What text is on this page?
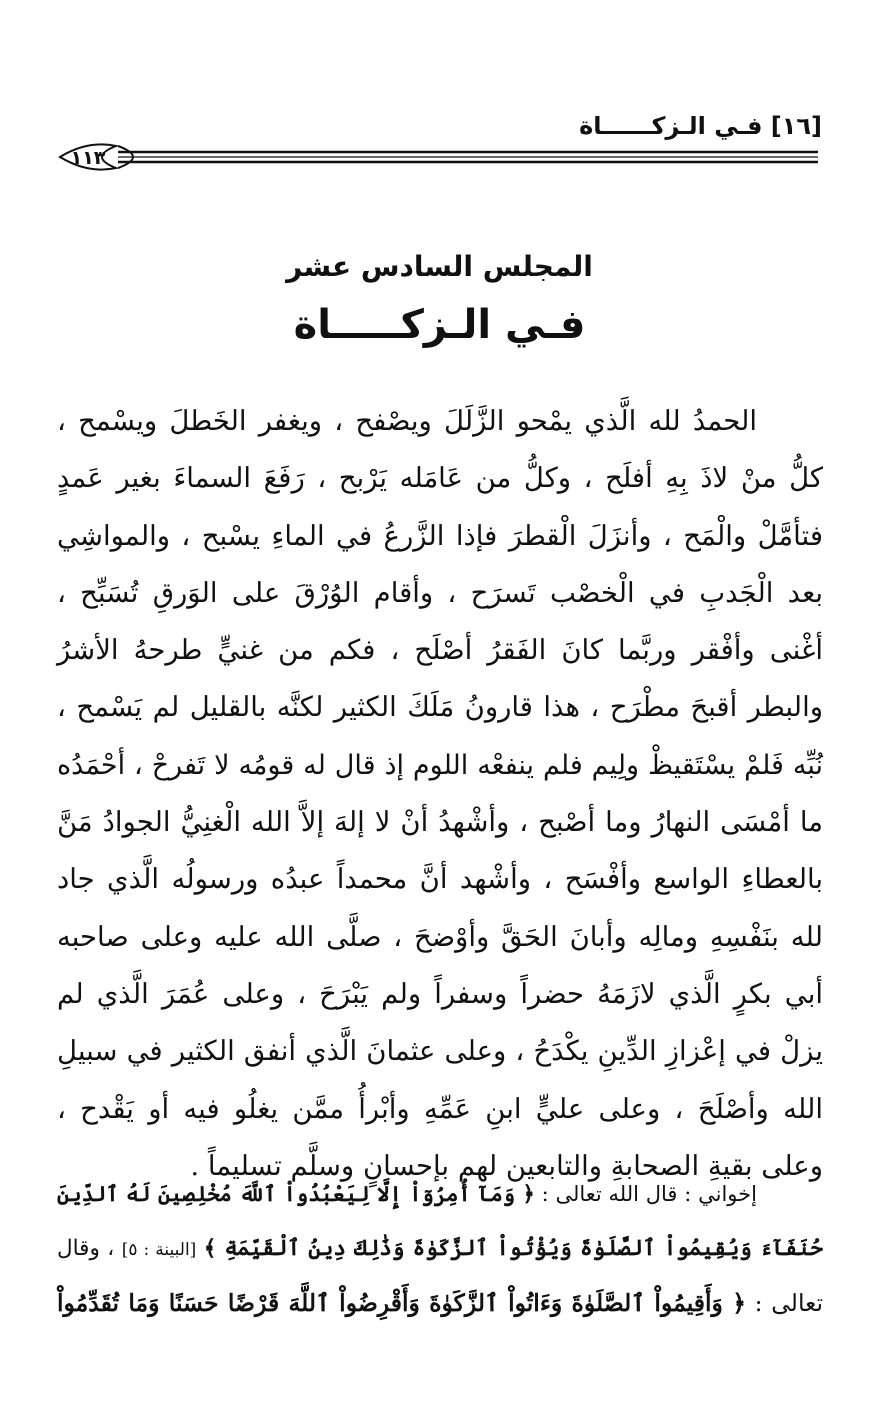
[١٦] فـي الـزكــــــاة
١١٣
المجلس السادس عشر
فـي الـزكـــــاة
الحمدُ لله الَّذي يمْحو الزَّلَلَ ويصْفح ، ويغفر الخَطلَ ويسْمح ،
كلُّ منْ لاذَ بِهِ أفلَح ، وكلُّ من عَامَله يَرْبح ، رَفَعَ السماءَ بغير عَمدٍ
فتأمَّلْ والْمَح ، وأنزَلَ الْقطرَ فإذا الزَّرعُ في الماءِ يسْبح ، والمواشِي
بعد الْجَدبِ في الْخصْب تَسرَح ، وأقام الوُرْقَ على الوَرقِ تُسَبِّح ،
أغْنى وأفْقر وربَّما كانَ الفَقرُ أصْلَح ، فكم من غنيٍّ طرحهُ الأشرُ
والبطر أقبحَ مطْرَح ، هذا قارونُ مَلَكَ الكثير لكنَّه بالقليل لم يَسْمح ،
نُبِّه فَلمْ يسْتَقيظْ ولِيم فلم ينفعْه اللوم إذ قال له قومُه لا تَفرحْ ، أحْمَدُه
ما أمْسَى النهارُ وما أصْبح ، وأشْهدُ أنْ لا إلهَ إلاَّ الله الْغنِيُّ الجوادُ مَنَّ
بالعطاءِ الواسع وأفْسَح ، وأشْهد أنَّ محمداً عبدُه ورسولُه الَّذي جاد
لله بنَفْسِهِ ومالِه وأبانَ الحَقَّ وأوْضحَ ، صلَّى الله عليه وعلى صاحبه
أبي بكرٍ الَّذي لازَمَهُ حضراً وسفراً ولم يَبْرَحَ ، وعلى عُمَرَ الَّذي لم
يزلْ في إعْزازِ الدِّينِ يكْدَحُ ، وعلى عثمانَ الَّذي أنفق الكثير في سبيلِ
الله وأصْلَحَ ، وعلى عليٍّ ابنِ عَمِّهِ وأبْرأُ ممَّن يغلُو فيه أو يَقْدح ،
وعلى بقيةِ الصحابةِ والتابعين لهم بإحسانٍ وسلَّم تسليماً .
إخواني : قال الله تعالى : ﴿ وَمَآ أُمِرُوٓاْ إِلَّا لِيَعْبُدُواْ ٱللَّهَ مُخْلِصِينَ لَهُ ٱلدِّينَ
حُنَفَآءَ وَيُقِيمُواْ ٱلصَّلَوٰةَ وَيُؤْتُواْ ٱلزَّكَوٰةَ وَذَٰلِكَ دِينُ ٱلْقَيِّمَةِ ﴾ [البينة : ٥] ، وقال
تعالى : ﴿ وَأَقِيمُواْ ٱلصَّلَوٰةَ وَءَاتُواْ ٱلزَّكَوٰةَ وَأَقْرِضُواْ ٱللَّهَ قَرْضًا حَسَنًا وَمَا تُقَدِّمُواْ
